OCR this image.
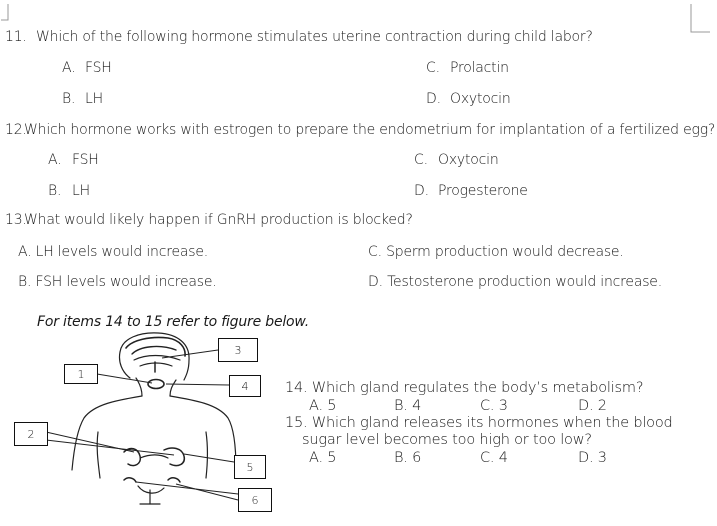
11. Which of the following hormone stimulates uterine contraction during child labor?
A. FSH
B. LH
C. Prolactin
D. Oxytocin
12.
Which hormone works with estrogen to prepare the endometrium for implantation of a fertilized egg?
A. FSH
B. LH
C. Oxytocin
D. Progesterone
13.
What would likely happen if GnRH production is blocked?
A. LH levels would increase.
B. FSH levels would increase.
C. Sperm production would decrease.
D. Testosterone production would increase.
For items 14 to 15 refer to figure below.
1
2
3
4
5
6
14. Which gland regulates the body’s metabolism?
A. 5	B. 4	C. 3	D. 2
15. Which gland releases its hormones when the blood
sugar level becomes too high or too low?
A. 5	B. 6	C. 4	D. 3
